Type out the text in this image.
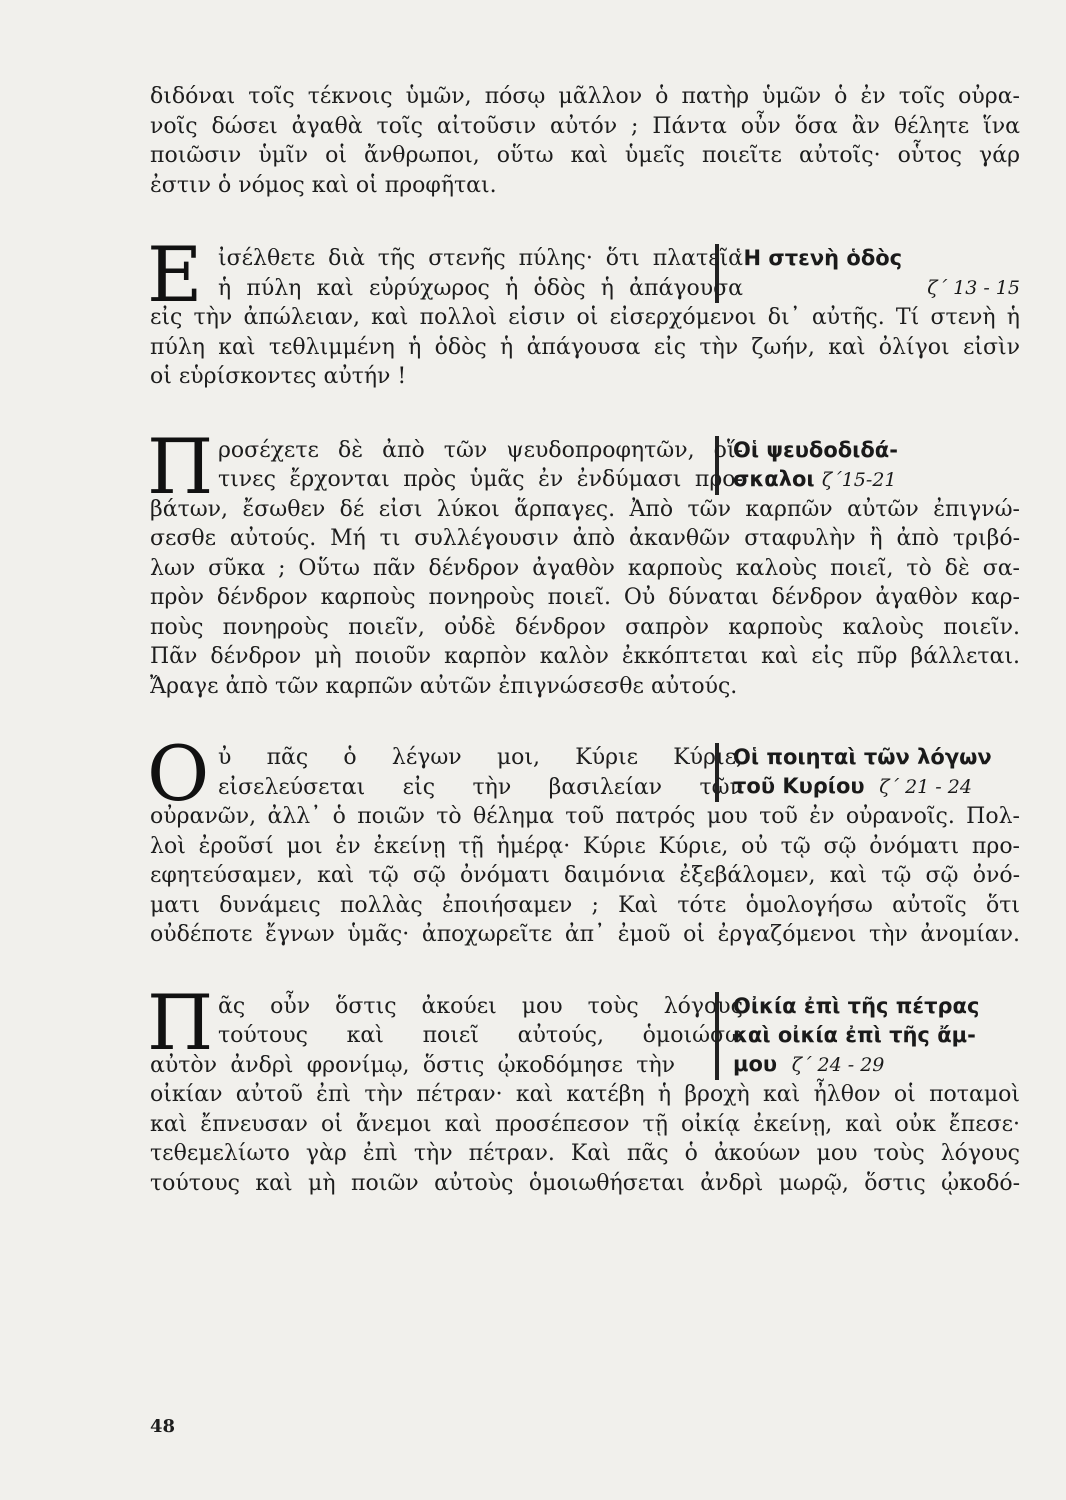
διδόναι τοῖς τέκνοις ὑμῶν, πόσῳ μᾶλλον ὁ πατὴρ ὑμῶν ὁ ἐν τοῖς οὐρα-
νοῖς δώσει ἀγαθὰ τοῖς αἰτοῦσιν αὐτόν ; Πάντα οὖν ὅσα ἂν θέλητε ἵνα
ποιῶσιν ὑμῖν οἱ ἄνθρωποι, οὕτω καὶ ὑμεῖς ποιεῖτε αὐτοῖς· οὗτος γάρ
ἐστιν ὁ νόμος καὶ οἱ προφῆται.
Ε	῾Η στενὴ ὁδὸς
ζ΄ 13 - 15
ἰσέλθετε διὰ τῆς στενῆς πύλης· ὅτι πλατεῖα
ἡ πύλη καὶ εὐρύχωρος ἡ ὁδὸς ἡ ἀπάγουσα
εἰς τὴν ἀπώλειαν, καὶ πολλοὶ εἰσιν οἱ εἰσερχόμενοι δι᾿ αὐτῆς. Τί στενὴ ἡ
πύλη καὶ τεθλιμμένη ἡ ὁδὸς ἡ ἀπάγουσα εἰς τὴν ζωήν, καὶ ὀλίγοι εἰσὶν
οἱ εὑρίσκοντες αὐτήν !
Π	Οἱ ψευδοδιδά-
σκαλοι ζ΄15-21
ροσέχετε δὲ ἀπὸ τῶν ψευδοπροφητῶν, οἵ-
τινες ἔρχονται πρὸς ὑμᾶς ἐν ἐνδύμασι προ-
βάτων, ἔσωθεν δέ εἰσι λύκοι ἅρπαγες. Ἀπὸ τῶν καρπῶν αὐτῶν ἐπιγνώ-
σεσθε αὐτούς. Μή τι συλλέγουσιν ἀπὸ ἀκανθῶν σταφυλὴν ἢ ἀπὸ τριβό-
λων σῦκα ; Οὕτω πᾶν δένδρον ἀγαθὸν καρποὺς καλοὺς ποιεῖ, τὸ δὲ σα-
πρὸν δένδρον καρποὺς πονηροὺς ποιεῖ. Οὐ δύναται δένδρον ἀγαθὸν καρ-
ποὺς πονηροὺς ποιεῖν, οὐδὲ δένδρον σαπρὸν καρποὺς καλοὺς ποιεῖν.
Πᾶν δένδρον μὴ ποιοῦν καρπὸν καλὸν ἐκκόπτεται καὶ εἰς πῦρ βάλλεται.
Ἄραγε ἀπὸ τῶν καρπῶν αὐτῶν ἐπιγνώσεσθε αὐτούς.
Ο	Οἱ ποιηταὶ τῶν λόγων
τοῦ Κυρίου ζ΄ 21 - 24
ὐ πᾶς ὁ λέγων μοι, Κύριε Κύριε,
εἰσελεύσεται εἰς τὴν βασιλείαν τῶν
οὐρανῶν, ἀλλ᾿ ὁ ποιῶν τὸ θέλημα τοῦ πατρός μου τοῦ ἐν οὐρανοῖς. Πολ-
λοὶ ἐροῦσί μοι ἐν ἐκείνῃ τῇ ἡμέρᾳ· Κύριε Κύριε, οὐ τῷ σῷ ὀνόματι προ-
εφητεύσαμεν, καὶ τῷ σῷ ὀνόματι δαιμόνια ἐξεβάλομεν, καὶ τῷ σῷ ὀνό-
ματι δυνάμεις πολλὰς ἐποιήσαμεν ; Καὶ τότε ὁμολογήσω αὐτοῖς ὅτι
οὐδέποτε ἔγνων ὑμᾶς· ἀποχωρεῖτε ἀπ᾿ ἐμοῦ οἱ ἐργαζόμενοι τὴν ἀνομίαν.
Π	Οἰκία ἐπὶ τῆς πέτρας
καὶ οἰκία ἐπὶ τῆς ἄμ-
μου ζ΄ 24 - 29
ᾶς οὖν ὅστις ἀκούει μου τοὺς λόγους
τούτους καὶ ποιεῖ αὐτούς, ὁμοιώσω
αὐτὸν ἀνδρὶ φρονίμῳ, ὅστις ᾠκοδόμησε τὴν
οἰκίαν αὐτοῦ ἐπὶ τὴν πέτραν· καὶ κατέβη ἡ βροχὴ καὶ ἦλθον οἱ ποταμοὶ
καὶ ἔπνευσαν οἱ ἄνεμοι καὶ προσέπεσον τῇ οἰκίᾳ ἐκείνῃ, καὶ οὐκ ἔπεσε·
τεθεμελίωτο γὰρ ἐπὶ τὴν πέτραν. Καὶ πᾶς ὁ ἀκούων μου τοὺς λόγους
τούτους καὶ μὴ ποιῶν αὐτοὺς ὁμοιωθήσεται ἀνδρὶ μωρῷ, ὅστις ᾠκοδό-
48
